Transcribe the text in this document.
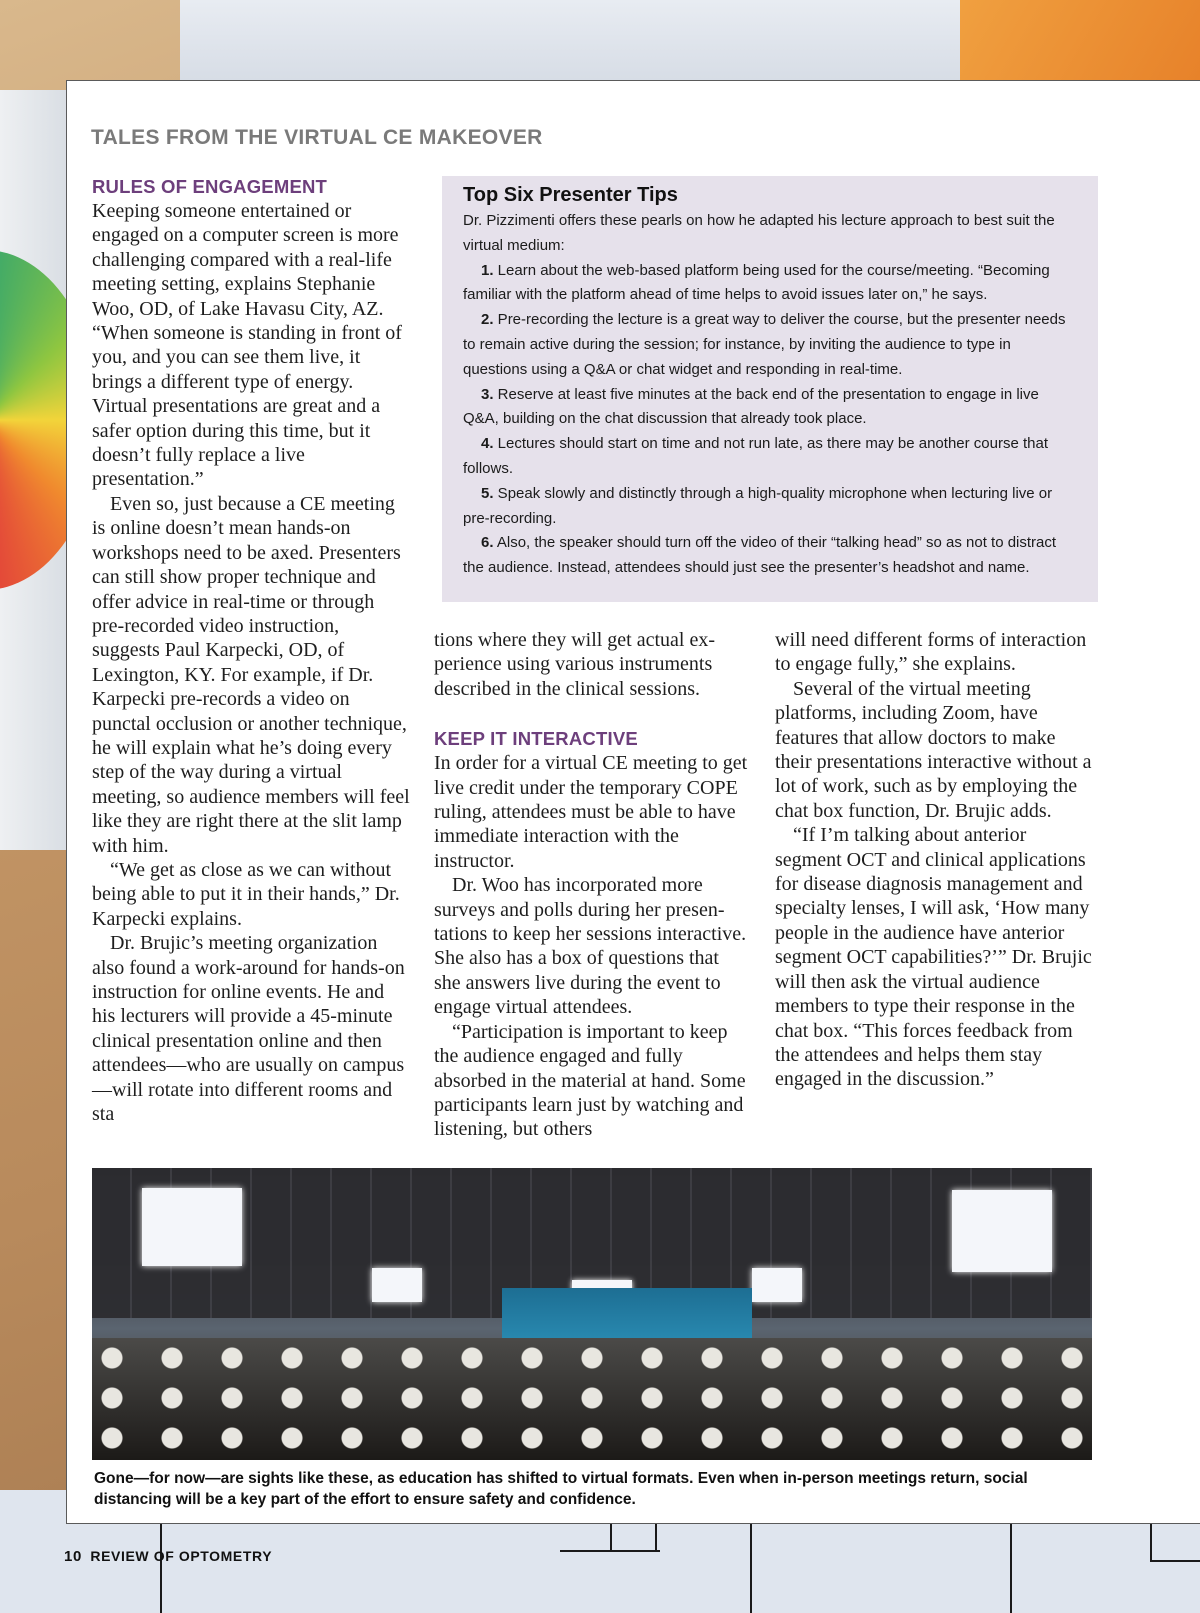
TALES FROM THE VIRTUAL CE MAKEOVER
RULES OF ENGAGEMENT

Keeping someone entertained or engaged on a computer screen is more challenging compared with a real-life meeting setting, explains Stephanie Woo, OD, of Lake Havasu City, AZ. “When someone is standing in front of you, and you can see them live, it brings a different type of energy. Virtual presentations are great and a safer option during this time, but it doesn’t fully replace a live presentation.”

Even so, just because a CE meeting is online doesn’t mean hands-on workshops need to be axed. Presenters can still show proper technique and offer advice in real-time or through pre-recorded video instruction, suggests Paul Karpecki, OD, of Lexington, KY. For example, if Dr. Karpecki pre-records a video on punctal occlusion or another technique, he will explain what he’s doing every step of the way during a virtual meeting, so audience members will feel like they are right there at the slit lamp with him.

“We get as close as we can without being able to put it in their hands,” Dr. Karpecki explains.

Dr. Brujic’s meeting organization also found a work-around for hands-on instruction for online events. He and his lecturers will provide a 45-minute clinical presentation online and then attendees—who are usually on campus—will rotate into different rooms and sta

Top Six Presenter Tips

Dr. Pizzimenti offers these pearls on how he adapted his lecture approach to best suit the virtual medium:

1. Learn about the web-based platform being used for the course/meeting. “Becoming familiar with the platform ahead of time helps to avoid issues later on,” he says.

2. Pre-recording the lecture is a great way to deliver the course, but the presenter needs to remain active during the session; for instance, by inviting the audience to type in questions using a Q&A or chat widget and responding in real-time.

3. Reserve at least five minutes at the back end of the presentation to engage in live Q&A, building on the chat discussion that already took place.

4. Lectures should start on time and not run late, as there may be another course that follows.

5. Speak slowly and distinctly through a high-quality microphone when lecturing live or pre-recording.

6. Also, the speaker should turn off the video of their “talking head” so as not to distract the audience. Instead, attendees should just see the presenter’s headshot and name.

tions where they will get actual experience using various instruments described in the clinical sessions.

KEEP IT INTERACTIVE

In order for a virtual CE meeting to get live credit under the temporary COPE ruling, attendees must be able to have immediate interaction with the instructor.

Dr. Woo has incorporated more surveys and polls during her presentations to keep her sessions interactive. She also has a box of questions that she answers live during the event to engage virtual attendees.

“Participation is important to keep the audience engaged and fully absorbed in the material at hand. Some participants learn just by watching and listening, but others

will need different forms of interaction to engage fully,” she explains.

Several of the virtual meeting platforms, including Zoom, have features that allow doctors to make their presentations interactive without a lot of work, such as by employing the chat box function, Dr. Brujic adds.

“If I’m talking about anterior segment OCT and clinical applications for disease diagnosis management and specialty lenses, I will ask, ‘How many people in the audience have anterior segment OCT capabilities?’” Dr. Brujic will then ask the virtual audience members to type their response in the chat box. “This forces feedback from the attendees and helps them stay engaged in the discussion.”

Gone—for now—are sights like these, as education has shifted to virtual formats. Even when in-person meetings return, social distancing will be a key part of the effort to ensure safety and confidence.

10 REVIEW OF OPTOMETRY
